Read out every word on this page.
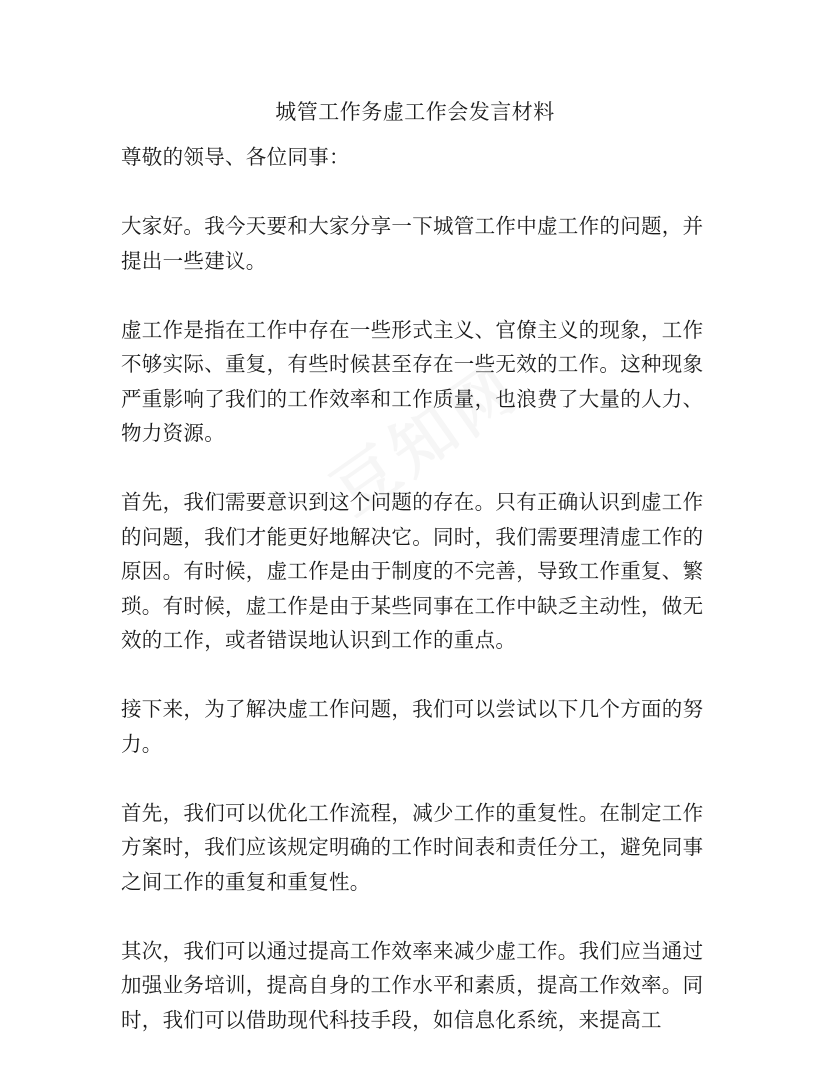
城管工作务虚工作会发言材料

尊敬的领导、各位同事：

大家好。我今天要和大家分享一下城管工作中虚工作的问题，并提出一些建议。

虚工作是指在工作中存在一些形式主义、官僚主义的现象，工作不够实际、重复，有些时候甚至存在一些无效的工作。这种现象严重影响了我们的工作效率和工作质量，也浪费了大量的人力、物力资源。

首先，我们需要意识到这个问题的存在。只有正确认识到虚工作的问题，我们才能更好地解决它。同时，我们需要理清虚工作的原因。有时候，虚工作是由于制度的不完善，导致工作重复、繁琐。有时候，虚工作是由于某些同事在工作中缺乏主动性，做无效的工作，或者错误地认识到工作的重点。

接下来，为了解决虚工作问题，我们可以尝试以下几个方面的努力。

首先，我们可以优化工作流程，减少工作的重复性。在制定工作方案时，我们应该规定明确的工作时间表和责任分工，避免同事之间工作的重复和重复性。

其次，我们可以通过提高工作效率来减少虚工作。我们应当通过加强业务培训，提高自身的工作水平和素质，提高工作效率。同时，我们可以借助现代科技手段，如信息化系统，来提高工
